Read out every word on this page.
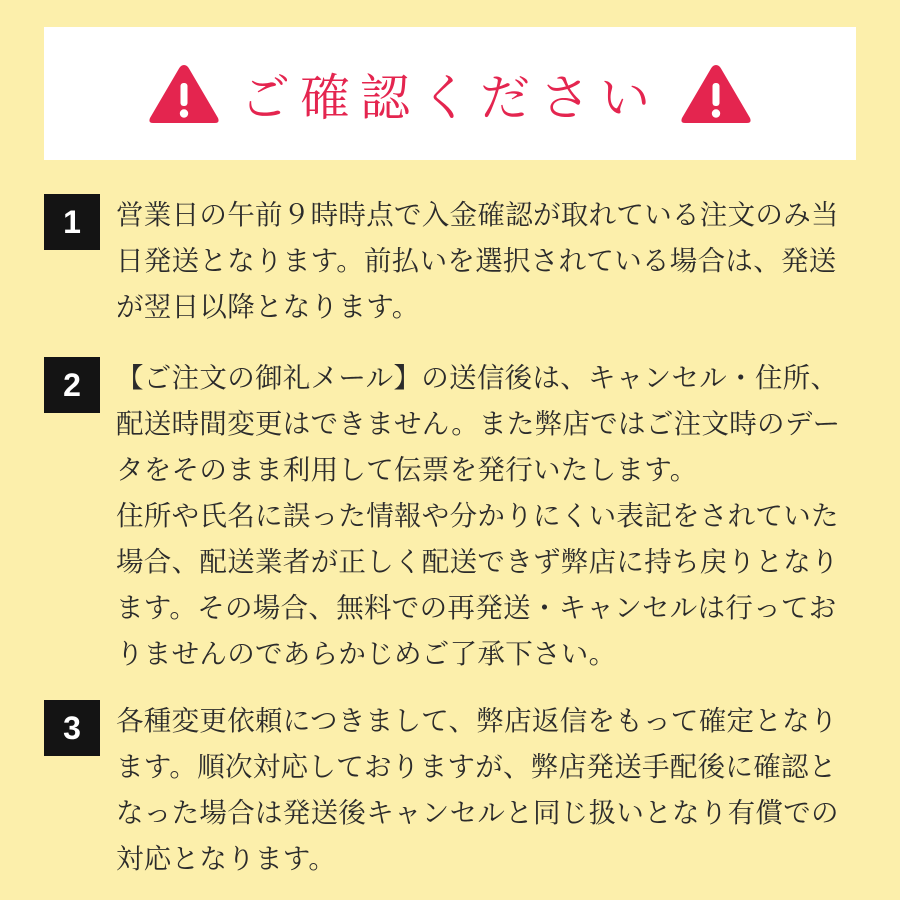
ご確認ください
1	営業日の午前９時時点で入金確認が取れている注文のみ当日発送となります。前払いを選択されている場合は、発送が翌日以降となります。

2	【ご注文の御礼メール】の送信後は、キャンセル・住所、配送時間変更はできません。また弊店ではご注文時のデータをそのまま利用して伝票を発行いたします。

住所や氏名に誤った情報や分かりにくい表記をされていた場合、配送業者が正しく配送できず弊店に持ち戻りとなります。その場合、無料での再発送・キャンセルは行っておりませんのであらかじめご了承下さい。

3	各種変更依頼につきまして、弊店返信をもって確定となります。順次対応しておりますが、弊店発送手配後に確認となった場合は発送後キャンセルと同じ扱いとなり有償での対応となります。
